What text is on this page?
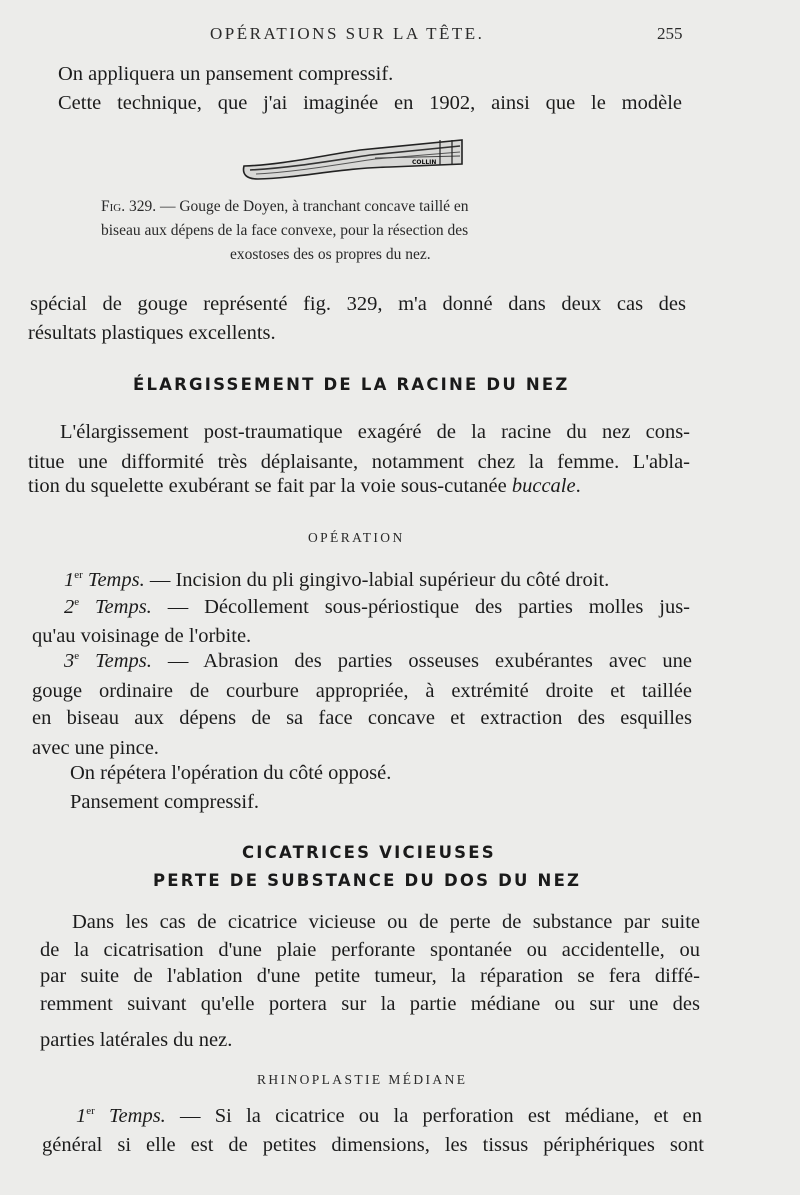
OPÉRATIONS SUR LA TÊTE.	255
On appliquera un pansement compressif.
Cette technique, que j'ai imaginée en 1902, ainsi que le modèle
COLLIN
Fig. 329. — Gouge de Doyen, à tranchant concave taillé en
biseau aux dépens de la face convexe, pour la résection des
exostoses des os propres du nez.
spécial de gouge représenté fig. 329, m'a donné dans deux cas des
résultats plastiques excellents.
ÉLARGISSEMENT DE LA RACINE DU NEZ
L'élargissement post-traumatique exagéré de la racine du nez cons-
titue une difformité très déplaisante, notamment chez la femme. L'abla-
tion du squelette exubérant se fait par la voie sous-cutanée buccale.
OPÉRATION
1er Temps. — Incision du pli gingivo-labial supérieur du côté droit.
2e Temps. — Décollement sous-périostique des parties molles jus-
qu'au voisinage de l'orbite.
3e Temps. — Abrasion des parties osseuses exubérantes avec une
gouge ordinaire de courbure appropriée, à extrémité droite et taillée
en biseau aux dépens de sa face concave et extraction des esquilles
avec une pince.
On répétera l'opération du côté opposé.
Pansement compressif.
CICATRICES VICIEUSES
PERTE DE SUBSTANCE DU DOS DU NEZ
Dans les cas de cicatrice vicieuse ou de perte de substance par suite
de la cicatrisation d'une plaie perforante spontanée ou accidentelle, ou
par suite de l'ablation d'une petite tumeur, la réparation se fera diffé-
remment suivant qu'elle portera sur la partie médiane ou sur une des
parties latérales du nez.
RHINOPLASTIE MÉDIANE
1er Temps. — Si la cicatrice ou la perforation est médiane, et en
général si elle est de petites dimensions, les tissus périphériques sont
